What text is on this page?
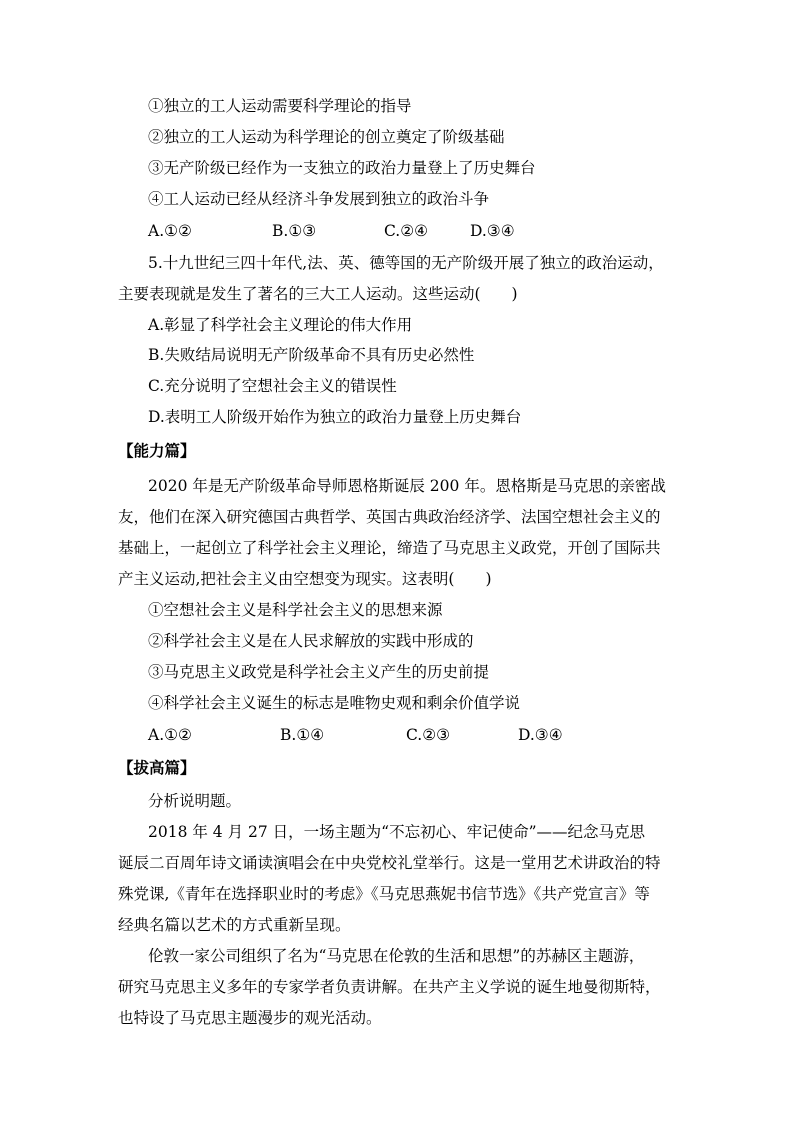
①独立的工人运动需要科学理论的指导
②独立的工人运动为科学理论的创立奠定了阶级基础
③无产阶级已经作为一支独立的政治力量登上了历史舞台
④工人运动已经从经济斗争发展到独立的政治斗争
A.①②	B.①③	C.②④	D.③④
5.十九世纪三四十年代,法、英、德等国的无产阶级开展了独立的政治运动，
主要表现就是发生了著名的三大工人运动。这些运动(　　)
A.彰显了科学社会主义理论的伟大作用
B.失败结局说明无产阶级革命不具有历史必然性
C.充分说明了空想社会主义的错误性
D.表明工人阶级开始作为独立的政治力量登上历史舞台
【能力篇】
2020 年是无产阶级革命导师恩格斯诞辰 200 年。恩格斯是马克思的亲密战
友，他们在深入研究德国古典哲学、英国古典政治经济学、法国空想社会主义的
基础上，一起创立了科学社会主义理论，缔造了马克思主义政党，开创了国际共
产主义运动,把社会主义由空想变为现实。这表明(　　)
①空想社会主义是科学社会主义的思想来源
②科学社会主义是在人民求解放的实践中形成的
③马克思主义政党是科学社会主义产生的历史前提
④科学社会主义诞生的标志是唯物史观和剩余价值学说
A.①②	B.①④	C.②③	D.③④
【拔高篇】
分析说明题。
2018 年 4 月 27 日，一场主题为“不忘初心、牢记使命”——纪念马克思
诞辰二百周年诗文诵读演唱会在中央党校礼堂举行。这是一堂用艺术讲政治的特
殊党课,《青年在选择职业时的考虑》《马克思燕妮书信节选》《共产党宣言》等
经典名篇以艺术的方式重新呈现。
伦敦一家公司组织了名为“马克思在伦敦的生活和思想”的苏赫区主题游，
研究马克思主义多年的专家学者负责讲解。在共产主义学说的诞生地曼彻斯特，
也特设了马克思主题漫步的观光活动。
